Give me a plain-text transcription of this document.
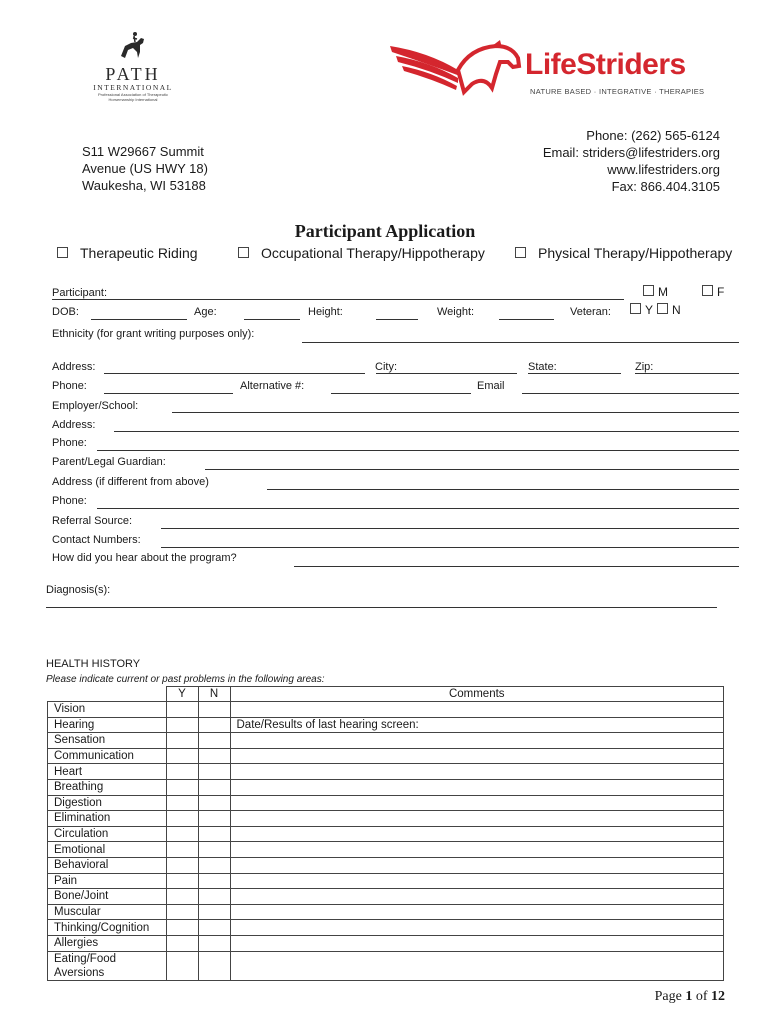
PATH
INTERNATIONAL
Professional Association of Therapeutic
Horsemanship International
LifeStriders
NATURE BASED · INTEGRATIVE · THERAPIES
S11 W29667 Summit
Avenue (US HWY 18)
Waukesha, WI 53188
Phone: (262) 565-6124
Email: striders@lifestriders.org
www.lifestriders.org
Fax: 866.404.3105
Participant Application
Therapeutic Riding	Occupational Therapy/Hippotherapy	Physical Therapy/Hippotherapy
Participant:	M	F
DOB:	Age:	Height:	Weight:	Veteran:	Y	N
Ethnicity (for grant writing purposes only):
Address:	City:	State:	Zip:
Phone:	Alternative #:	Email
Employer/School:
Address:
Phone:
Parent/Legal Guardian:
Address (if different from above)
Phone:
Referral Source:
Contact Numbers:
How did you hear about the program?
Diagnosis(s):
HEALTH HISTORY
Please indicate current or past problems in the following areas:
	Y	N	Comments
Vision			
Hearing			Date/Results of last hearing screen:
Sensation			
Communication			
Heart			
Breathing			
Digestion			
Elimination			
Circulation			
Emotional			
Behavioral			
Pain			
Bone/Joint			
Muscular			
Thinking/Cognition			
Allergies			
Eating/Food Aversions			
Page 1 of 12
